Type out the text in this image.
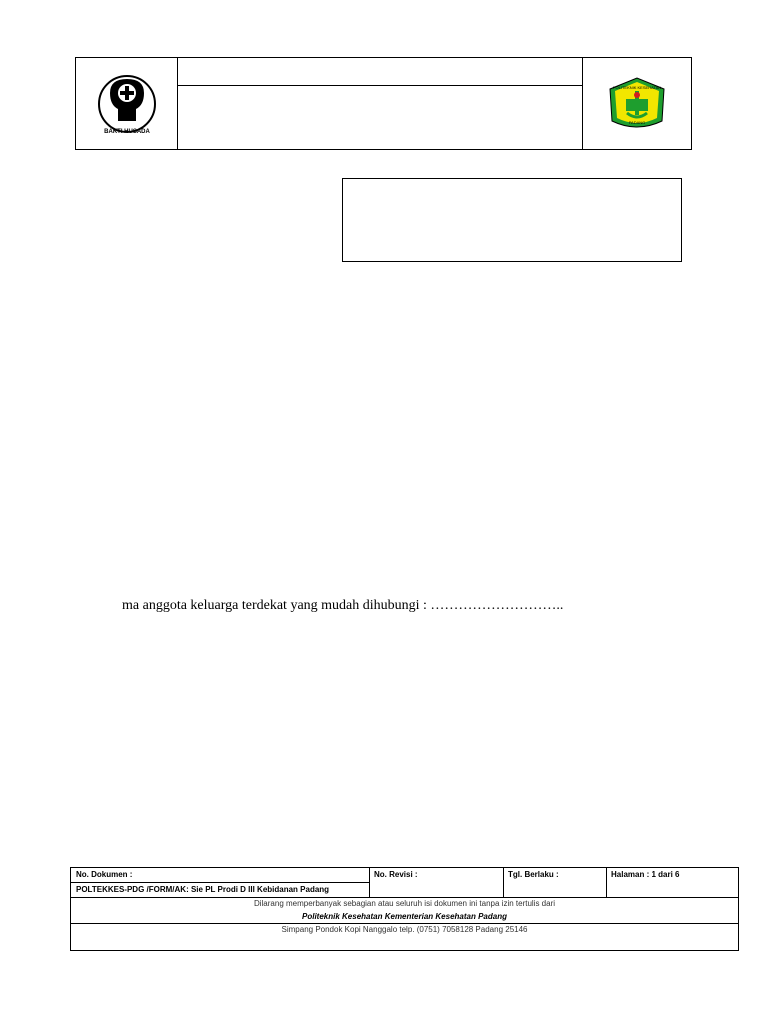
BAKTI HUSADA
POLITEKNIK KESEHATAN
PADANG
ma anggota keluarga terdekat yang mudah dihubungi : ………………………..
No. Dokumen :
POLTEKKES-PDG /FORM/AK: Sie PL Prodi D III Kebidanan Padang
No. Revisi :	Tgl. Berlaku :	Halaman : 1 dari 6
Dilarang memperbanyak sebagian atau seluruh isi dokumen ini tanpa izin tertulis dari
Politeknik Kesehatan Kementerian Kesehatan Padang
Simpang Pondok Kopi Nanggalo telp. (0751) 7058128 Padang 25146
